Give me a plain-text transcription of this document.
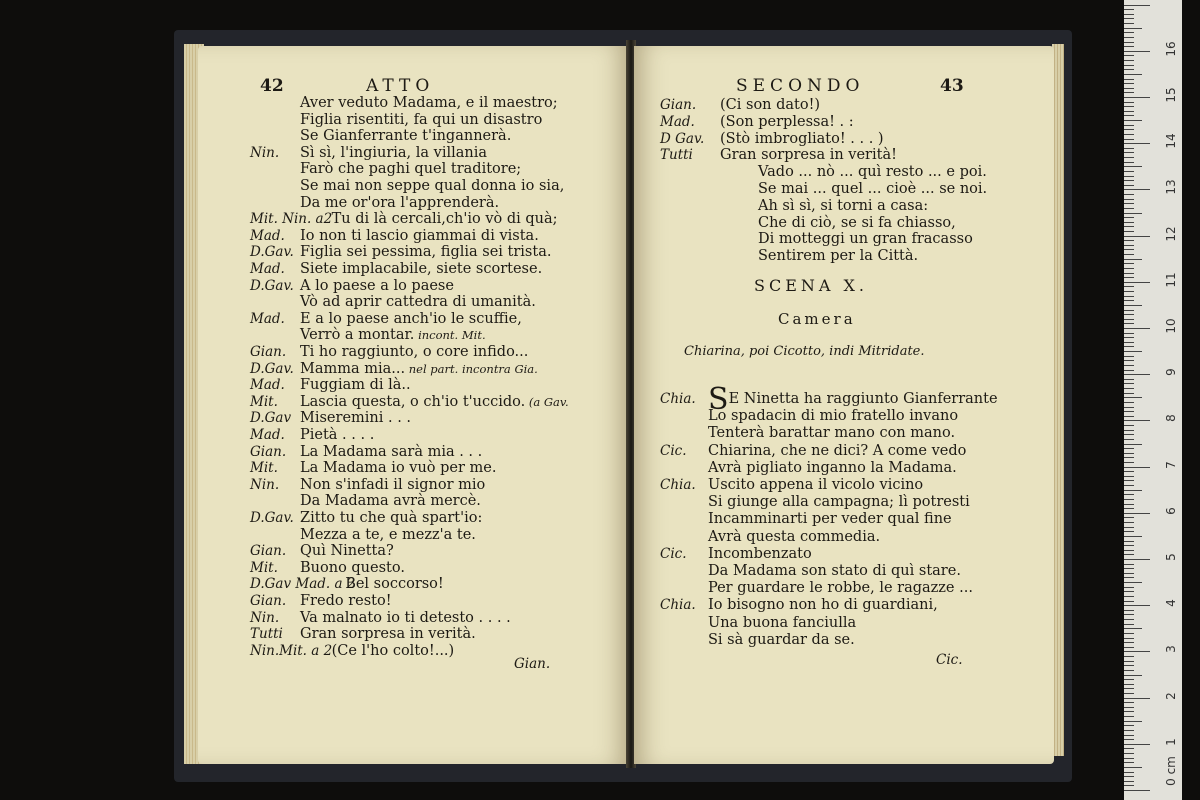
42	ATTO
Gian.
Aver veduto Madama, e il maestro;
Figlia risentiti, fa qui un disastro
Se Gianferrante t'ingannerà.
Nin. Sì sì, l'ingiuria, la villania
Farò che paghi quel traditore;
Se mai non seppe qual donna io sia,
Da me or'ora l'apprenderà.
Mit. Nin. a2 Tu di là cercali,ch'io vò di quà;
Mad. Io non ti lascio giammai di vista.
D.Gav. Figlia sei pessima, figlia sei trista.
Mad. Siete implacabile, siete scortese.
D.Gav. A lo paese a lo paese
Vò ad aprir cattedra di umanità.
Mad. E a lo paese anch'io le scuffie,
Verrò a montar. incont. Mit.
Gian. Ti ho raggiunto, o core infido...
D.Gav. Mamma mia... nel part. incontra Gia.
Mad. Fuggiam di là..
Mit. Lascia questa, o ch'io t'uccido. (a Gav.
D.Gav Miseremini . . .
Mad. Pietà . . . .
Gian. La Madama sarà mia . . .
Mit. La Madama io vuò per me.
Nin. Non s'infadi il signor mio
Da Madama avrà mercè.
D.Gav. Zitto tu che quà spart'io:
Mezza a te, e mezz'a te.
Gian. Quì Ninetta?
Mit. Buono questo.
D.Gav Mad. a 2
Bel soccorso!
Gian. Fredo resto!
Nin. Va malnato io ti detesto . . . .
Tutti Gran sorpresa in verità.
Nin.Mit. a 2 (Ce l'ho colto!...)
SECONDO	43
SCENA X.
Camera
Chiarina, poi Cicotto, indi Mitridate.
Cic.
Gian. (Ci son dato!)
Mad. (Son perplessa! . :
D Gav. (Stò imbrogliato! . . . )
Tutti Gran sorpresa in verità!
Vado ... nò ... quì resto ... e poi.
Se mai ... quel ... cioè ... se noi.
Ah sì sì, si torni a casa:
Che di ciò, se si fa chiasso,
Di motteggi un gran fracasso
Sentirem per la Città.
Chia. SE Ninetta ha raggiunto Gianferrante
Lo spadacin di mio fratello invano
Tenterà barattar mano con mano.
Cic. Chiarina, che ne dici? A come vedo
Avrà pigliato inganno la Madama.
Chia. Uscito appena il vicolo vicino
Si giunge alla campagna; lì potresti
Incamminarti per veder qual fine
Avrà questa commedia.
Cic. Incombenzato
Da Madama son stato di quì stare.
Per guardare le robbe, le ragazze ...
Chia. Io bisogno non ho di guardiani,
Una buona fanciulla
Si sà guardar da se.
0 cm
1
2
3
4
5
6
7
8
9
10
11
12
13
14
15
16
